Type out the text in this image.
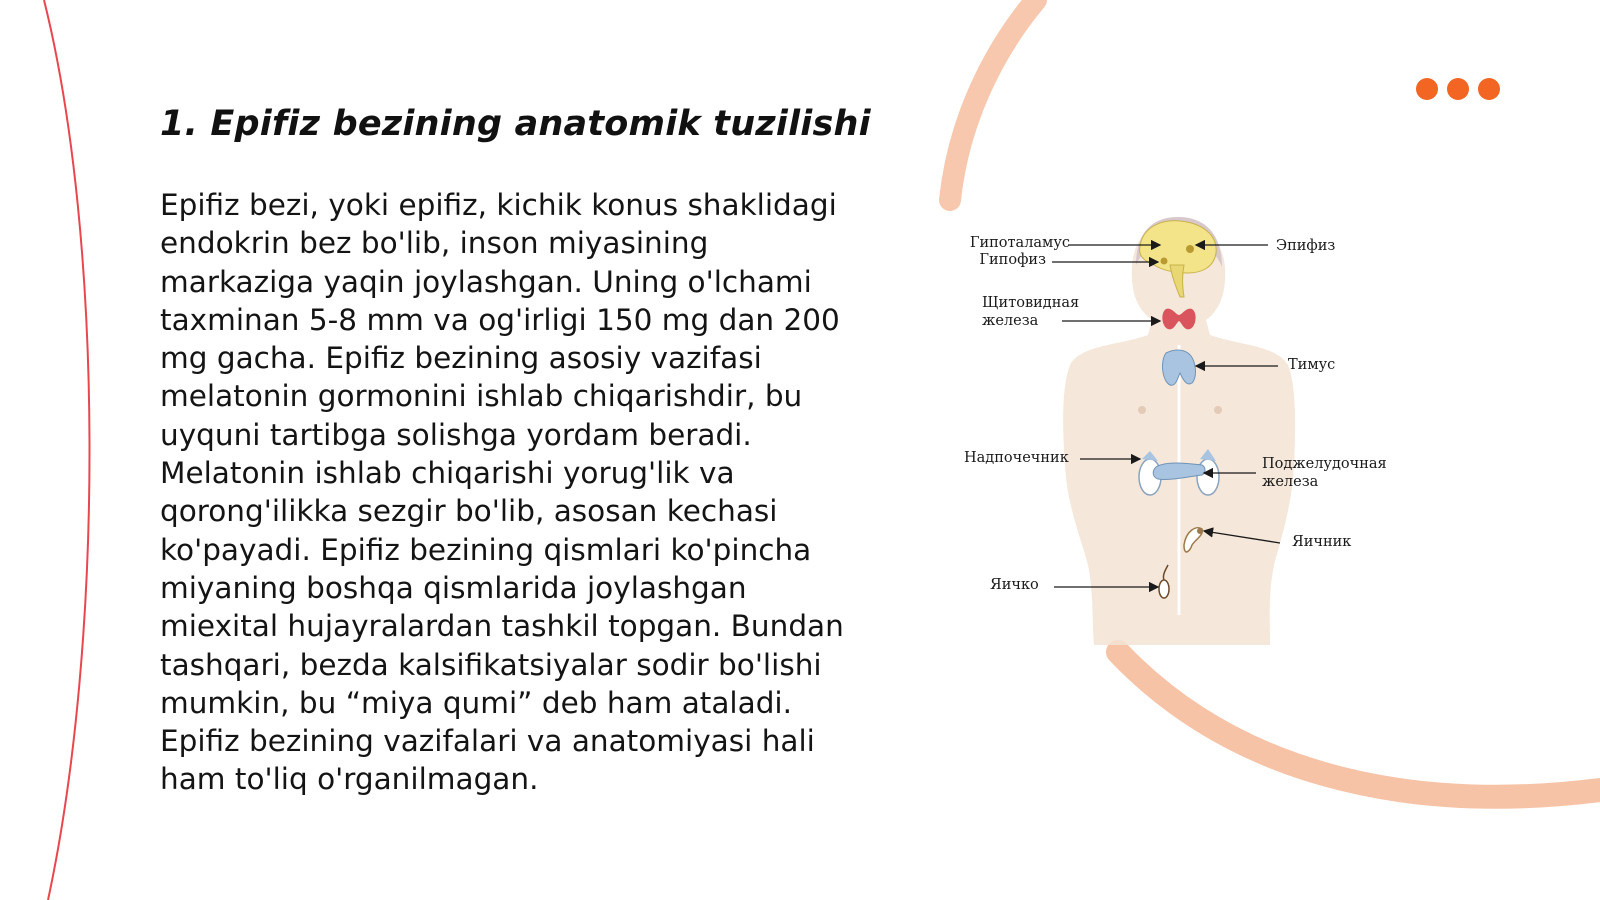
1. Epifiz bezining anatomik tuzilishi

Epifiz bezi, yoki epifiz, kichik konus shaklidagi endokrin bez bo'lib, inson miyasining markaziga yaqin joylashgan. Uning o'lchami taxminan 5-8 mm va og'irligi 150 mg dan 200 mg gacha. Epifiz bezining asosiy vazifasi melatonin gormonini ishlab chiqarishdir, bu uyquni tartibga solishga yordam beradi. Melatonin ishlab chiqarishi yorug'lik va qorong'ilikka sezgir bo'lib, asosan kechasi ko'payadi. Epifiz bezining qismlari ko'pincha miyaning boshqa qismlarida joylashgan miexital hujayralardan tashkil topgan. Bundan tashqari, bezda kalsifikatsiyalar sodir bo'lishi mumkin, bu “miya qumi” deb ham ataladi. Epifiz bezining vazifalari va anatomiyasi hali ham to'liq o'rganilmagan.

Гипоталамус
Гипофиз
Щитовидная
железа
Надпочечник
Яичко
Эпифиз
Тимус
Поджелудочная
железа
Яичник
